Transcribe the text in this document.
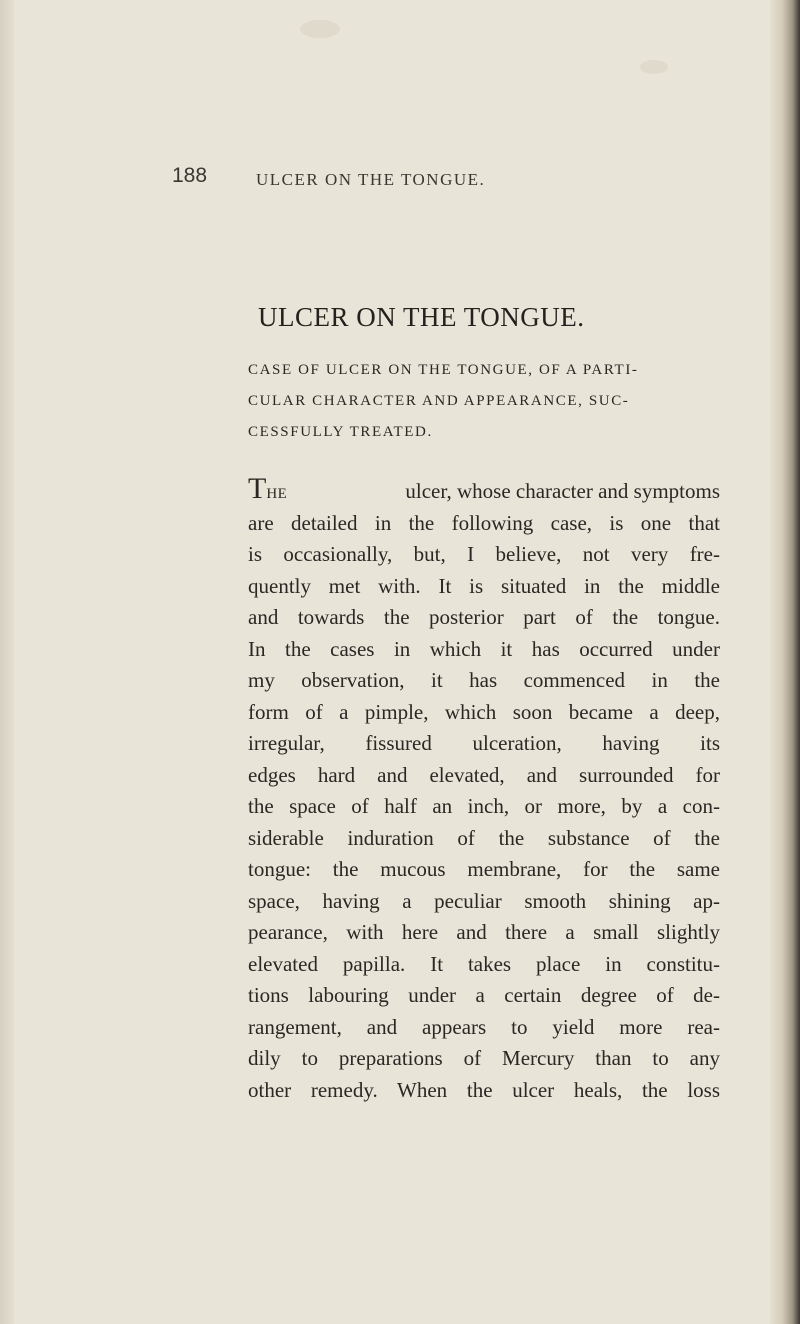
188	ULCER ON THE TONGUE.
ULCER ON THE TONGUE.
CASE OF ULCER ON THE TONGUE, OF A PARTI-
CULAR CHARACTER AND APPEARANCE, SUC-
CESSFULLY TREATED.
The	ulcer, whose character and symptoms
are detailed in the following case, is one that
is occasionally, but, I believe, not very fre-
quently met with. It is situated in the middle
and towards the posterior part of the tongue.
In the cases in which it has occurred under
my observation, it has commenced in the
form of a pimple, which soon became a deep,
irregular, fissured ulceration, having its
edges hard and elevated, and surrounded for
the space of half an inch, or more, by a con-
siderable induration of the substance of the
tongue: the mucous membrane, for the same
space, having a peculiar smooth shining ap-
pearance, with here and there a small slightly
elevated papilla. It takes place in constitu-
tions labouring under a certain degree of de-
rangement, and appears to yield more rea-
dily to preparations of Mercury than to any
other remedy. When the ulcer heals, the loss
